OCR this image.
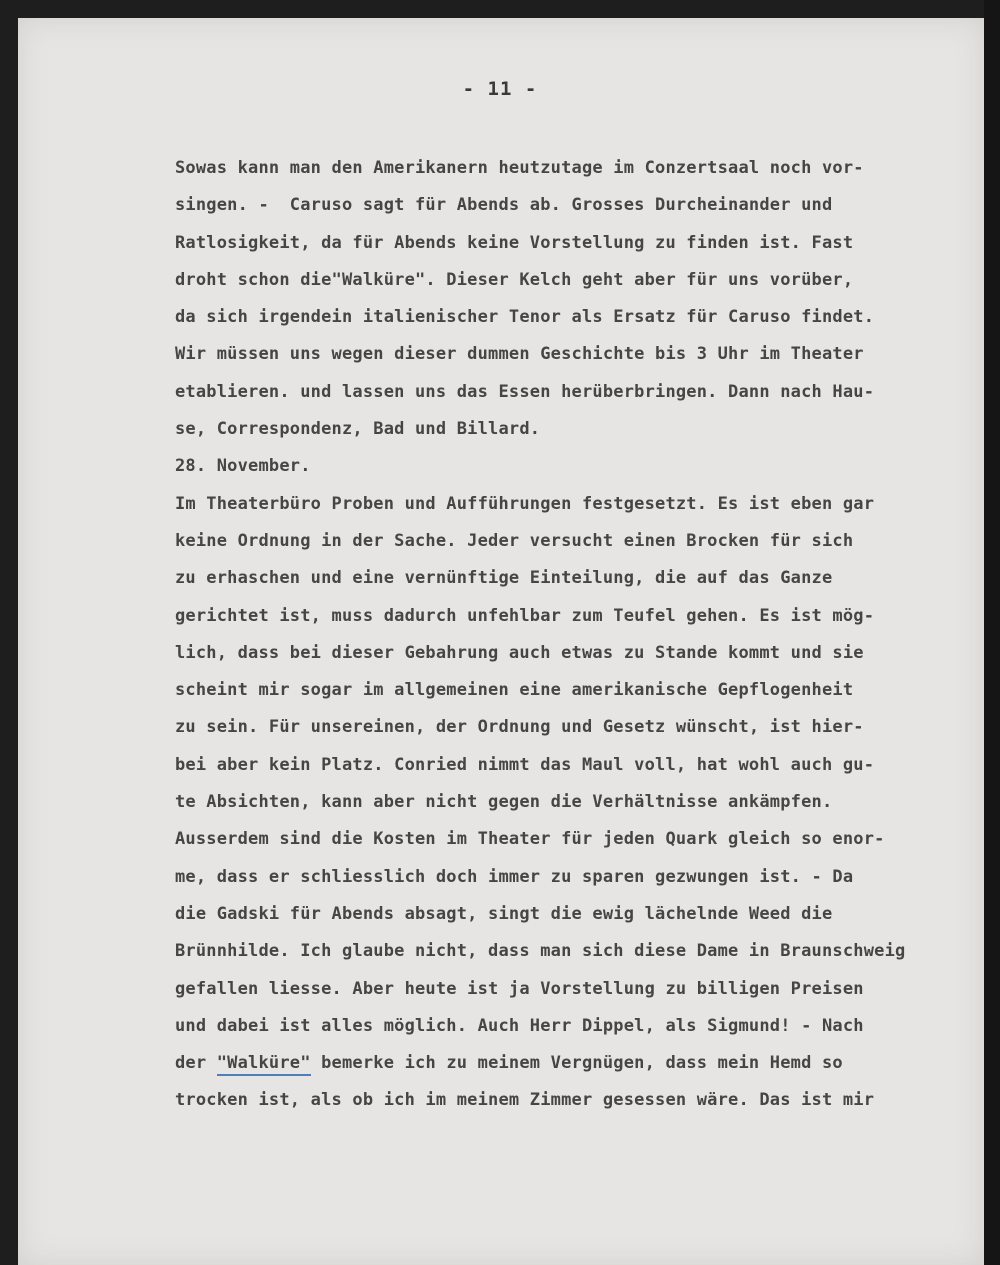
- 11 -
Sowas kann man den Amerikanern heutzutage im Conzertsaal noch vor-
singen. -  Caruso sagt für Abends ab. Grosses Durcheinander und
Ratlosigkeit, da für Abends keine Vorstellung zu finden ist. Fast
droht schon die"Walküre". Dieser Kelch geht aber für uns vorüber,
da sich irgendein italienischer Tenor als Ersatz für Caruso findet.
Wir müssen uns wegen dieser dummen Geschichte bis 3 Uhr im Theater
etablieren. und lassen uns das Essen herüberbringen. Dann nach Hau-
se, Correspondenz, Bad und Billard.
28. November.
Im Theaterbüro Proben und Aufführungen festgesetzt. Es ist eben gar
keine Ordnung in der Sache. Jeder versucht einen Brocken für sich
zu erhaschen und eine vernünftige Einteilung, die auf das Ganze
gerichtet ist, muss dadurch unfehlbar zum Teufel gehen. Es ist mög-
lich, dass bei dieser Gebahrung auch etwas zu Stande kommt und sie
scheint mir sogar im allgemeinen eine amerikanische Gepflogenheit
zu sein. Für unsereinen, der Ordnung und Gesetz wünscht, ist hier-
bei aber kein Platz. Conried nimmt das Maul voll, hat wohl auch gu-
te Absichten, kann aber nicht gegen die Verhältnisse ankämpfen.
Ausserdem sind die Kosten im Theater für jeden Quark gleich so enor-
me, dass er schliesslich doch immer zu sparen gezwungen ist. - Da
die Gadski für Abends absagt, singt die ewig lächelnde Weed die
Brünnhilde. Ich glaube nicht, dass man sich diese Dame in Braunschweig
gefallen liesse. Aber heute ist ja Vorstellung zu billigen Preisen
und dabei ist alles möglich. Auch Herr Dippel, als Sigmund! - Nach
der "Walküre" bemerke ich zu meinem Vergnügen, dass mein Hemd so
trocken ist, als ob ich im meinem Zimmer gesessen wäre. Das ist mir
